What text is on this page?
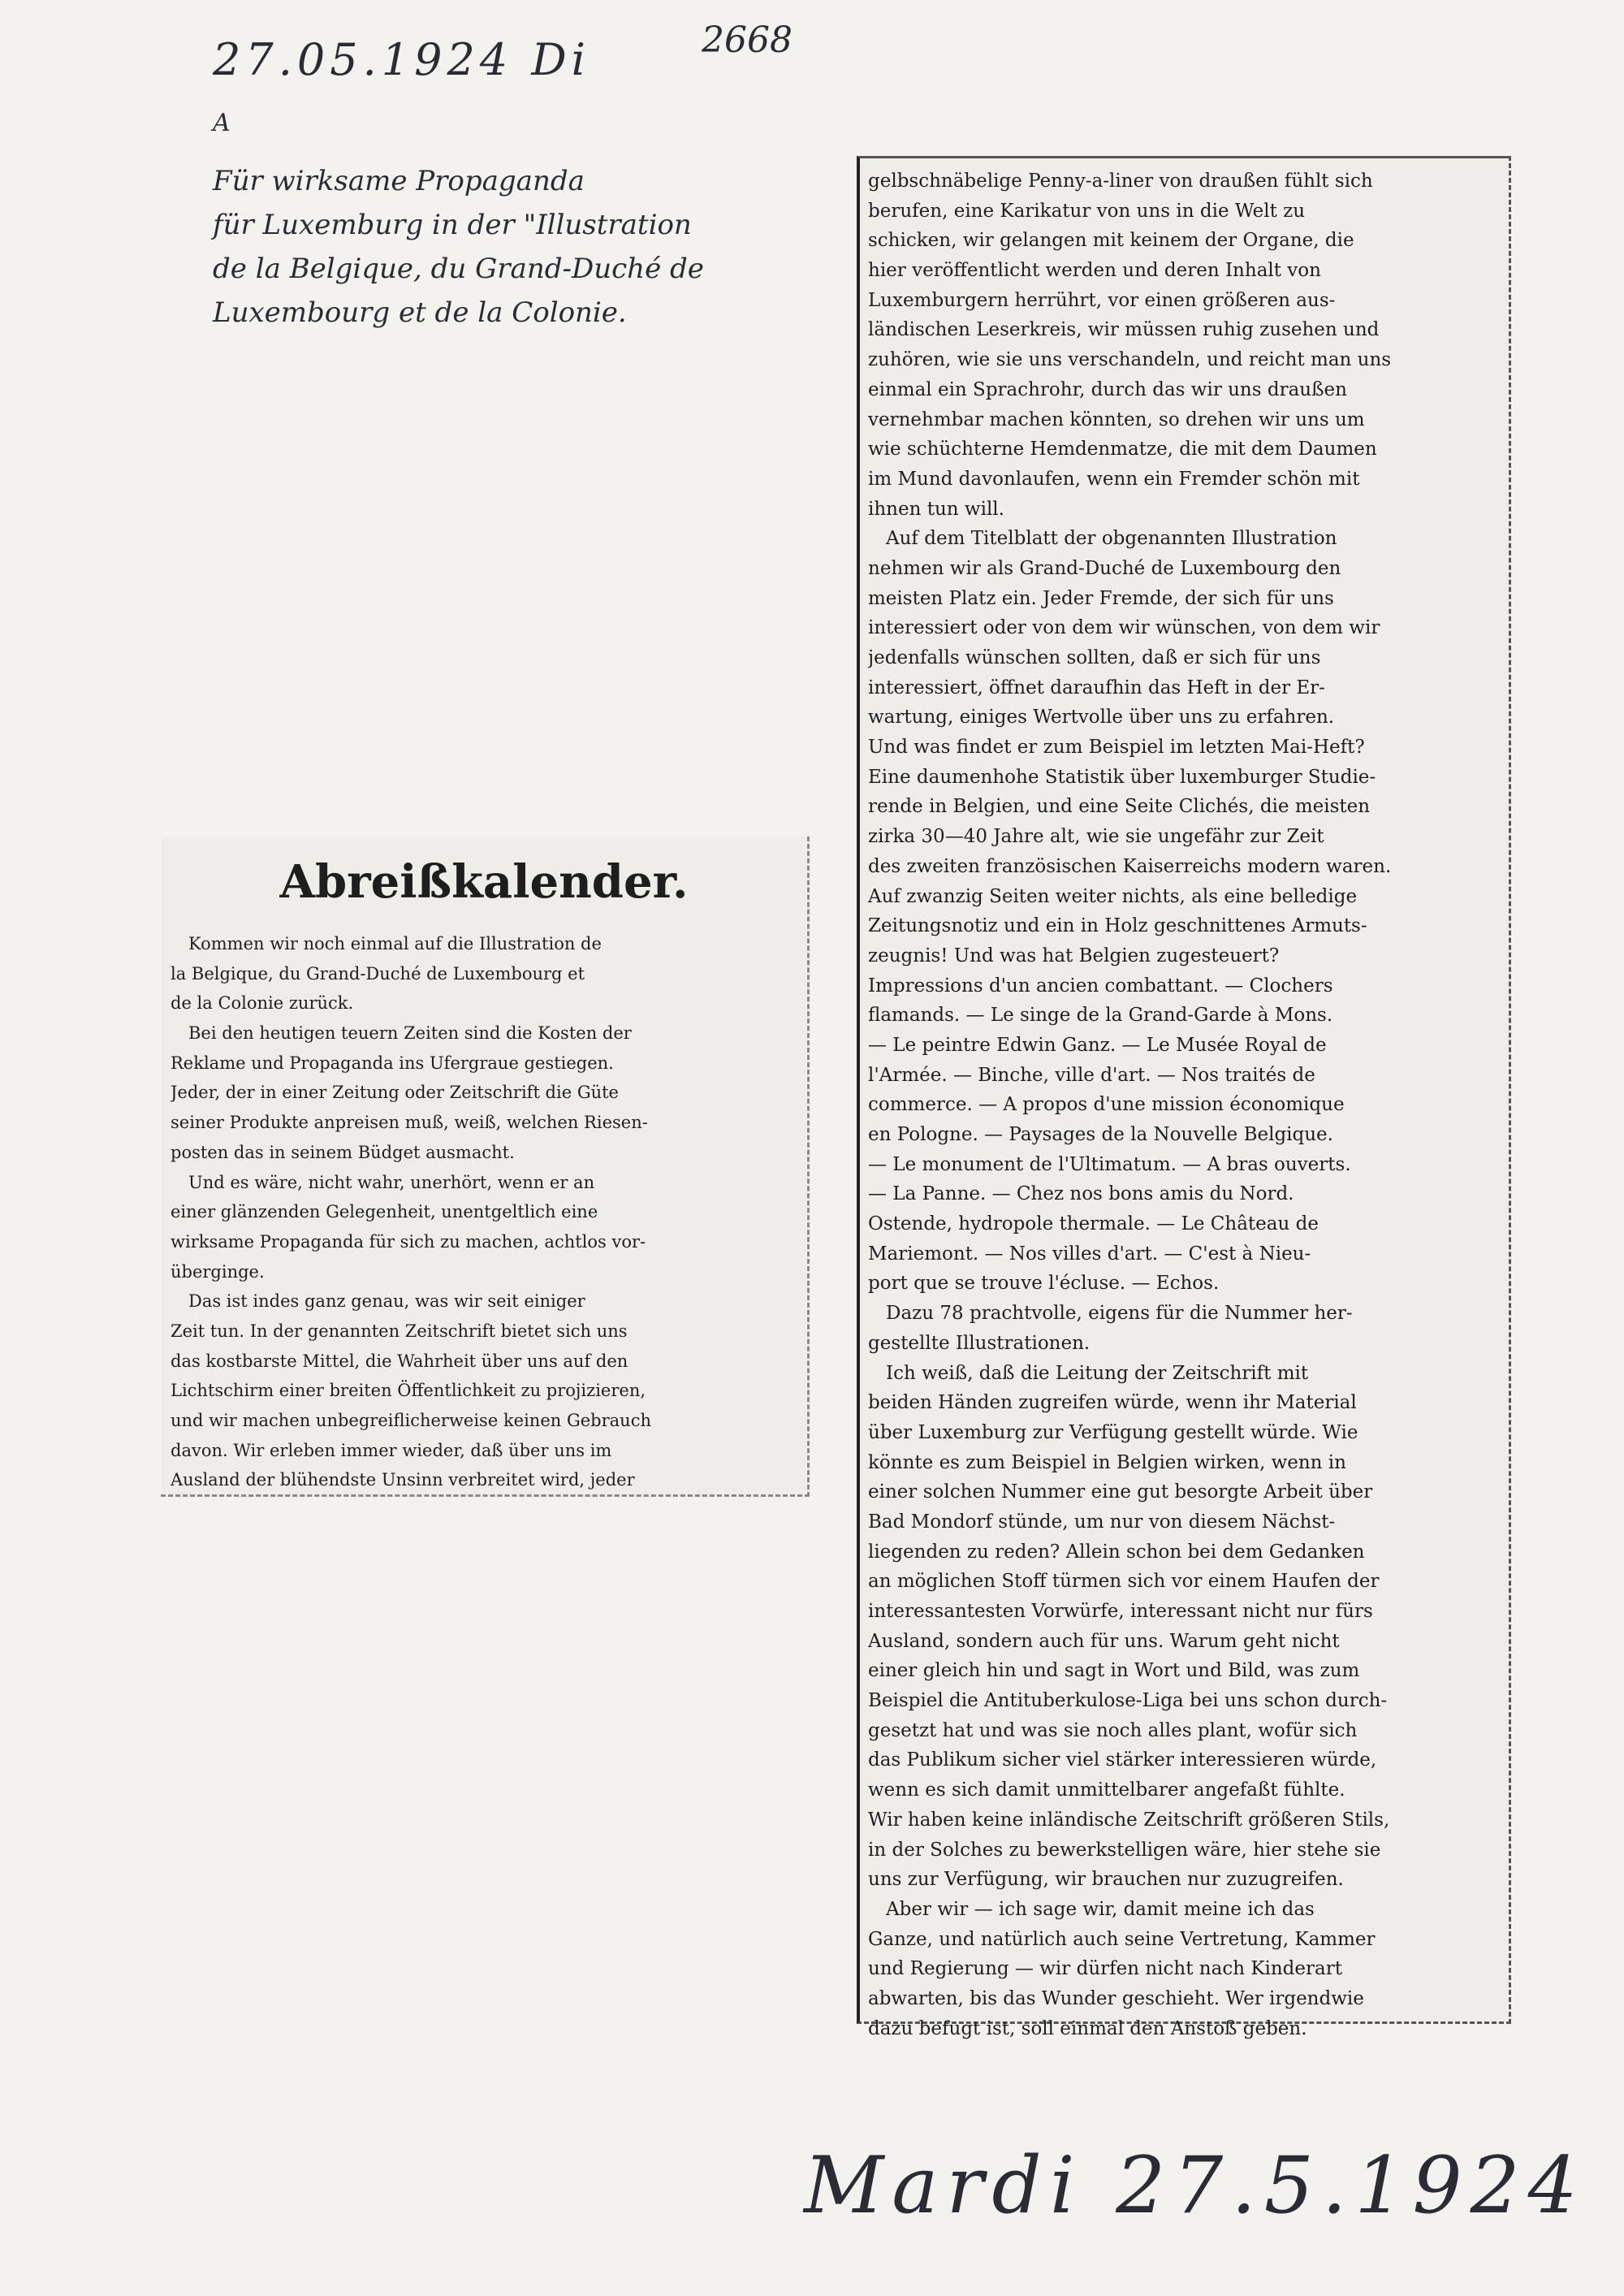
27.05.1924 Di	2668
A
Für wirksame Propaganda
für Luxemburg in der "Illustration
de la Belgique, du Grand-Duché de
Luxembourg et de la Colonie.
Mardi 27.5.1924
Abreißkalender.
Kommen wir noch einmal auf die Illustration de
la Belgique, du Grand-Duché de Luxembourg et
de la Colonie zurück.
Bei den heutigen teuern Zeiten sind die Kosten der
Reklame und Propaganda ins Ufergraue gestiegen.
Jeder, der in einer Zeitung oder Zeitschrift die Güte
seiner Produkte anpreisen muß, weiß, welchen Riesen-
posten das in seinem Büdget ausmacht.
Und es wäre, nicht wahr, unerhört, wenn er an
einer glänzenden Gelegenheit, unentgeltlich eine
wirksame Propaganda für sich zu machen, achtlos vor-
überginge.
Das ist indes ganz genau, was wir seit einiger
Zeit tun. In der genannten Zeitschrift bietet sich uns
das kostbarste Mittel, die Wahrheit über uns auf den
Lichtschirm einer breiten Öffentlichkeit zu projizieren,
und wir machen unbegreiflicherweise keinen Gebrauch
davon. Wir erleben immer wieder, daß über uns im
Ausland der blühendste Unsinn verbreitet wird, jeder
gelbschnäbelige Penny-a-liner von draußen fühlt sich
berufen, eine Karikatur von uns in die Welt zu
schicken, wir gelangen mit keinem der Organe, die
hier veröffentlicht werden und deren Inhalt von
Luxemburgern herrührt, vor einen größeren aus-
ländischen Leserkreis, wir müssen ruhig zusehen und
zuhören, wie sie uns verschandeln, und reicht man uns
einmal ein Sprachrohr, durch das wir uns draußen
vernehmbar machen könnten, so drehen wir uns um
wie schüchterne Hemdenmatze, die mit dem Daumen
im Mund davonlaufen, wenn ein Fremder schön mit
ihnen tun will.
Auf dem Titelblatt der obgenannten Illustration
nehmen wir als Grand-Duché de Luxembourg den
meisten Platz ein. Jeder Fremde, der sich für uns
interessiert oder von dem wir wünschen, von dem wir
jedenfalls wünschen sollten, daß er sich für uns
interessiert, öffnet daraufhin das Heft in der Er-
wartung, einiges Wertvolle über uns zu erfahren.
Und was findet er zum Beispiel im letzten Mai-Heft?
Eine daumenhohe Statistik über luxemburger Studie-
rende in Belgien, und eine Seite Clichés, die meisten
zirka 30—40 Jahre alt, wie sie ungefähr zur Zeit
des zweiten französischen Kaiserreichs modern waren.
Auf zwanzig Seiten weiter nichts, als eine belledige
Zeitungsnotiz und ein in Holz geschnittenes Armuts-
zeugnis! Und was hat Belgien zugesteuert?
Impressions d'un ancien combattant. — Clochers
flamands. — Le singe de la Grand-Garde à Mons.
— Le peintre Edwin Ganz. — Le Musée Royal de
l'Armée. — Binche, ville d'art. — Nos traités de
commerce. — A propos d'une mission économique
en Pologne. — Paysages de la Nouvelle Belgique.
— Le monument de l'Ultimatum. — A bras ouverts.
— La Panne. — Chez nos bons amis du Nord.
Ostende, hydropole thermale. — Le Château de
Mariemont. — Nos villes d'art. — C'est à Nieu-
port que se trouve l'écluse. — Echos.
Dazu 78 prachtvolle, eigens für die Nummer her-
gestellte Illustrationen.
Ich weiß, daß die Leitung der Zeitschrift mit
beiden Händen zugreifen würde, wenn ihr Material
über Luxemburg zur Verfügung gestellt würde. Wie
könnte es zum Beispiel in Belgien wirken, wenn in
einer solchen Nummer eine gut besorgte Arbeit über
Bad Mondorf stünde, um nur von diesem Nächst-
liegenden zu reden? Allein schon bei dem Gedanken
an möglichen Stoff türmen sich vor einem Haufen der
interessantesten Vorwürfe, interessant nicht nur fürs
Ausland, sondern auch für uns. Warum geht nicht
einer gleich hin und sagt in Wort und Bild, was zum
Beispiel die Antituberkulose-Liga bei uns schon durch-
gesetzt hat und was sie noch alles plant, wofür sich
das Publikum sicher viel stärker interessieren würde,
wenn es sich damit unmittelbarer angefaßt fühlte.
Wir haben keine inländische Zeitschrift größeren Stils,
in der Solches zu bewerkstelligen wäre, hier stehe sie
uns zur Verfügung, wir brauchen nur zuzugreifen.
Aber wir — ich sage wir, damit meine ich das
Ganze, und natürlich auch seine Vertretung, Kammer
und Regierung — wir dürfen nicht nach Kinderart
abwarten, bis das Wunder geschieht. Wer irgendwie
dazu befugt ist, soll einmal den Anstoß geben.
